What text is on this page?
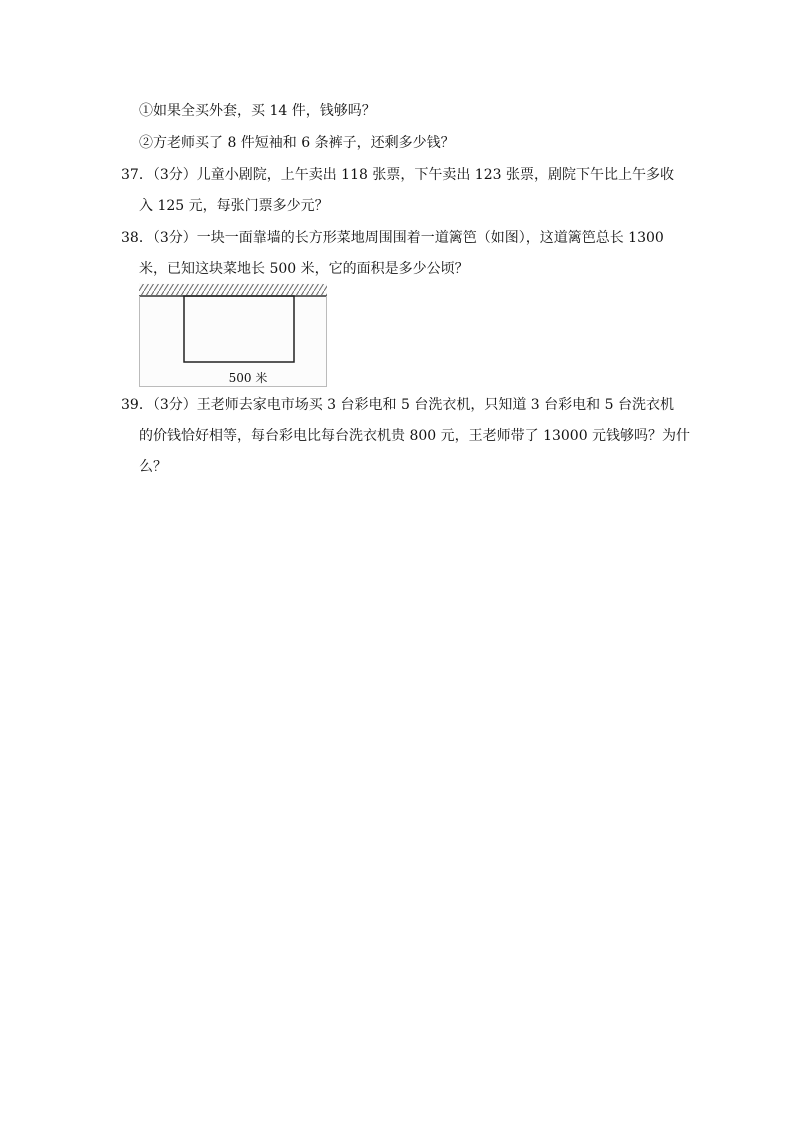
①如果全买外套，买 14 件，钱够吗？
②方老师买了 8 件短袖和 6 条裤子，还剩多少钱？
37．（3分）儿童小剧院，上午卖出 118 张票，下午卖出 123 张票，剧院下午比上午多收
入 125 元，每张门票多少元？
38．（3分）一块一面靠墙的长方形菜地周围围着一道篱笆（如图），这道篱笆总长 1300
米，已知这块菜地长 500 米，它的面积是多少公顷？
500 米
39．（3分）王老师去家电市场买 3 台彩电和 5 台洗衣机，只知道 3 台彩电和 5 台洗衣机
的价钱恰好相等，每台彩电比每台洗衣机贵 800 元，王老师带了 13000 元钱够吗？为什
么？
